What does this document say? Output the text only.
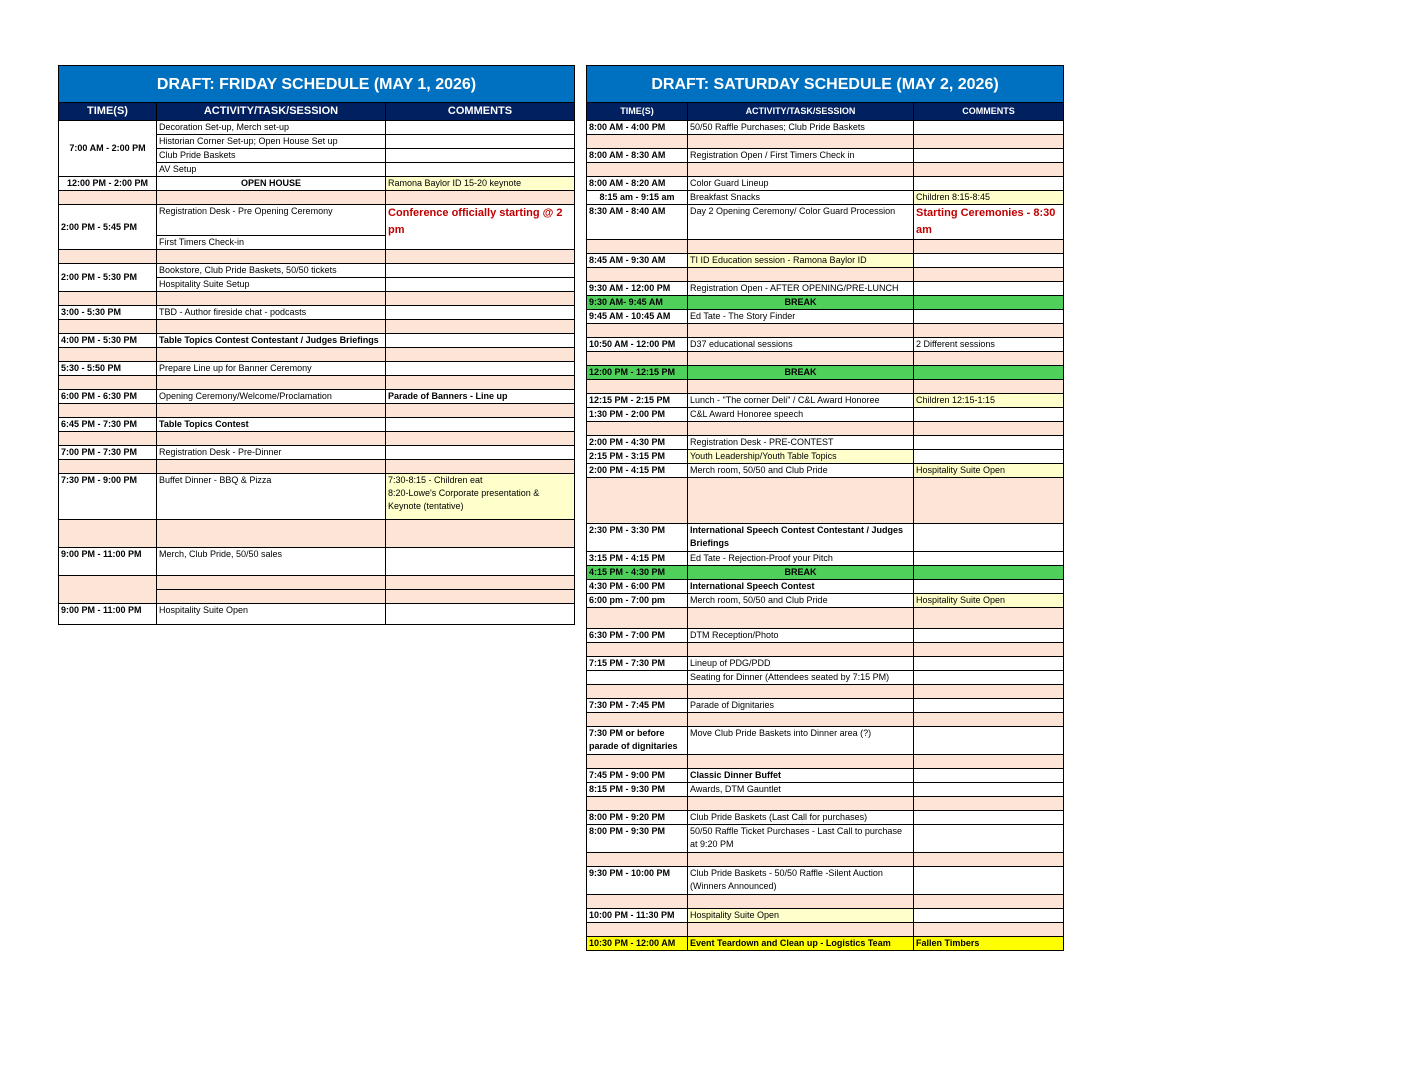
DRAFT: FRIDAY SCHEDULE (MAY 1, 2026)		
TIME(S)	ACTIVITY/TASK/SESSION	COMMENTS
7:00 AM - 2:00 PM	Decoration Set-up, Merch set-up	
	Historian Corner Set-up; Open House Set up	
	Club Pride Baskets	
	AV Setup	
12:00 PM - 2:00 PM	OPEN HOUSE	Ramona Baylor ID 15-20 keynote

2:00 PM - 5:45 PM	Registration Desk - Pre Opening Ceremony	Conference officially starting @ 2 pm
	First Timers Check-in	

2:00 PM - 5:30 PM	Bookstore, Club Pride Baskets, 50/50 tickets	
	Hospitality Suite Setup	

3:00 - 5:30 PM	TBD - Author fireside chat - podcasts	

4:00 PM - 5:30 PM	Table Topics Contest Contestant / Judges Briefings	

5:30 - 5:50 PM	Prepare Line up for Banner Ceremony	

6:00 PM - 6:30 PM	Opening Ceremony/Welcome/Proclamation	Parade of Banners - Line up

6:45 PM - 7:30 PM	Table Topics Contest	

7:00 PM - 7:30 PM	Registration Desk - Pre-Dinner	

7:30 PM - 9:00 PM	Buffet Dinner - BBQ & Pizza	7:30-8:15 - Children eat
8:20-Lowe's Corporate presentation & Keynote (tentative)

9:00 PM - 11:00 PM	Merch, Club Pride, 50/50 sales	

9:00 PM - 11:00 PM	Hospitality Suite Open	
DRAFT: SATURDAY SCHEDULE (MAY 2, 2026)		
TIME(S)	ACTIVITY/TASK/SESSION	COMMENTS
8:00 AM - 4:00 PM	50/50 Raffle Purchases; Club Pride Baskets	

8:00 AM - 8:30 AM	Registration Open / First Timers Check in	

8:00 AM - 8:20 AM	Color Guard Lineup	
8:15 am - 9:15 am	Breakfast Snacks	Children 8:15-8:45
8:30 AM - 8:40 AM	Day 2 Opening Ceremony/ Color Guard Procession	Starting Ceremonies - 8:30 am

8:45 AM - 9:30 AM	TI ID Education session - Ramona Baylor ID	

9:30 AM - 12:00 PM	Registration Open - AFTER OPENING/PRE-LUNCH	
9:30 AM- 9:45 AM	BREAK	
9:45 AM - 10:45 AM	Ed Tate - The Story Finder	

10:50 AM - 12:00 PM	D37 educational sessions	2 Different sessions

12:00 PM - 12:15 PM	BREAK	

12:15 PM - 2:15 PM	Lunch - "The corner Deli" / C&L Award Honoree	Children 12:15-1:15
1:30 PM - 2:00 PM	C&L Award Honoree speech	

2:00 PM - 4:30 PM	Registration Desk - PRE-CONTEST	
2:15 PM - 3:15 PM	Youth Leadership/Youth Table Topics	
2:00 PM - 4:15 PM	Merch room, 50/50 and Club Pride	Hospitality Suite Open

2:30 PM - 3:30 PM	International Speech Contest Contestant / Judges Briefings	
3:15 PM - 4:15 PM	Ed Tate - Rejection-Proof your Pitch	
4:15 PM - 4:30 PM	BREAK	
4:30 PM - 6:00 PM	International Speech Contest	
6:00 pm - 7:00 pm	Merch room, 50/50 and Club Pride	Hospitality Suite Open

6:30 PM - 7:00 PM	DTM Reception/Photo	

7:15 PM - 7:30 PM	Lineup of PDG/PDD	
	Seating for Dinner (Attendees seated by 7:15 PM)	

7:30 PM - 7:45 PM	Parade of Dignitaries	

7:30 PM or before parade of dignitaries	Move Club Pride Baskets into Dinner area (?)	

7:45 PM - 9:00 PM	Classic Dinner Buffet	
8:15 PM - 9:30 PM	Awards, DTM Gauntlet	

8:00 PM - 9:20 PM	Club Pride Baskets (Last Call for purchases)	
8:00 PM - 9:30 PM	50/50 Raffle Ticket Purchases - Last Call to purchase at 9:20 PM	

9:30 PM - 10:00 PM	Club Pride Baskets - 50/50 Raffle -Silent Auction (Winners Announced)	

10:00 PM - 11:30 PM	Hospitality Suite Open	

10:30 PM - 12:00 AM	Event Teardown and Clean up - Logistics Team	Fallen Timbers
